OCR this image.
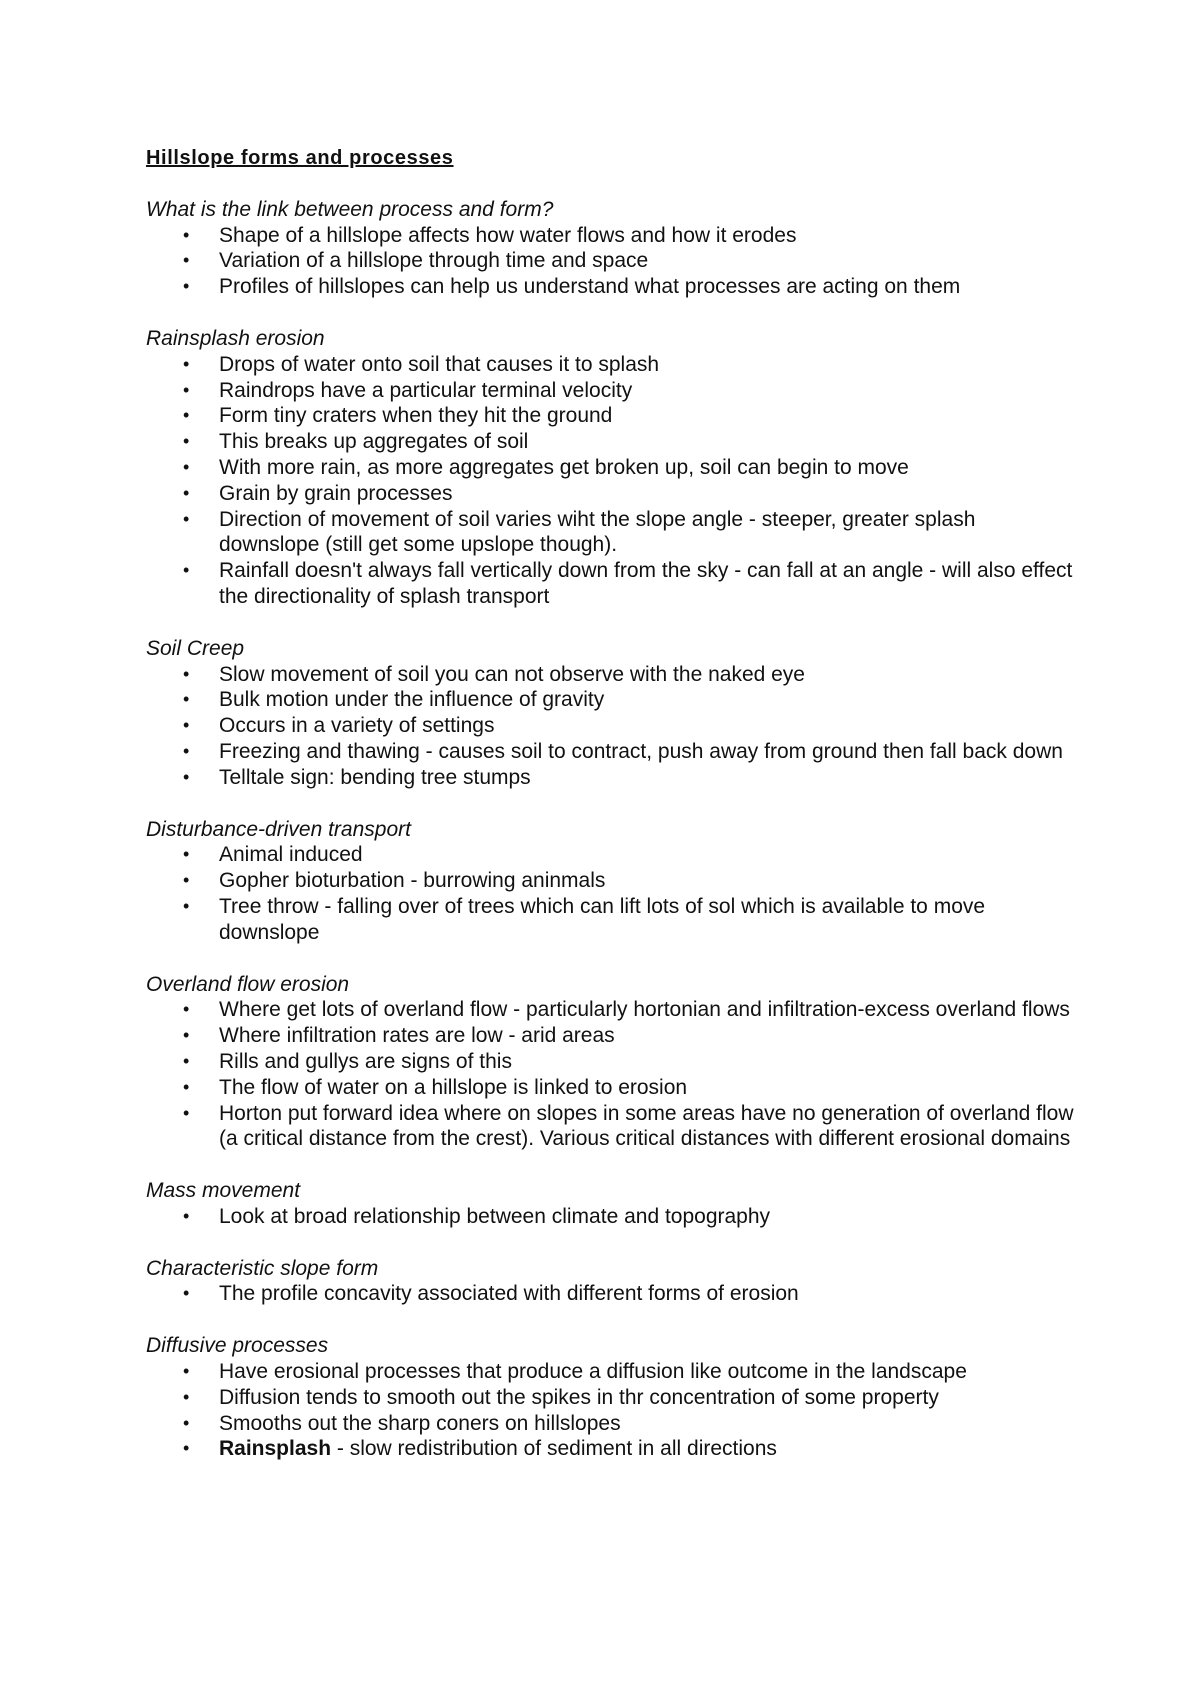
Hillslope forms and processes
What is the link between process and form?
• Shape of a hillslope affects how water flows and how it erodes
• Variation of a hillslope through time and space
• Profiles of hillslopes can help us understand what processes are acting on them
Rainsplash erosion
• Drops of water onto soil that causes it to splash
• Raindrops have a particular terminal velocity
• Form tiny craters when they hit the ground
• This breaks up aggregates of soil
• With more rain, as more aggregates get broken up, soil can begin to move
• Grain by grain processes
• Direction of movement of soil varies wiht the slope angle - steeper, greater splash downslope (still get some upslope though).
• Rainfall doesn't always fall vertically down from the sky - can fall at an angle - will also effect the directionality of splash transport
Soil Creep
• Slow movement of soil you can not observe with the naked eye
• Bulk motion under the influence of gravity
• Occurs in a variety of settings
• Freezing and thawing - causes soil to contract, push away from ground then fall back down
• Telltale sign: bending tree stumps
Disturbance-driven transport
• Animal induced
• Gopher bioturbation - burrowing aninmals
• Tree throw - falling over of trees which can lift lots of sol which is available to move downslope
Overland flow erosion
• Where get lots of overland flow - particularly hortonian and infiltration-excess overland flows
• Where infiltration rates are low - arid areas
• Rills and gullys are signs of this
• The flow of water on a hillslope is linked to erosion
• Horton put forward idea where on slopes in some areas have no generation of overland flow (a critical distance from the crest). Various critical distances with different erosional domains
Mass movement
• Look at broad relationship between climate and topography
Characteristic slope form
• The profile concavity associated with different forms of erosion
Diffusive processes
• Have erosional processes that produce a diffusion like outcome in the landscape
• Diffusion tends to smooth out the spikes in thr concentration of some property
• Smooths out the sharp coners on hillslopes
• Rainsplash - slow redistribution of sediment in all directions
